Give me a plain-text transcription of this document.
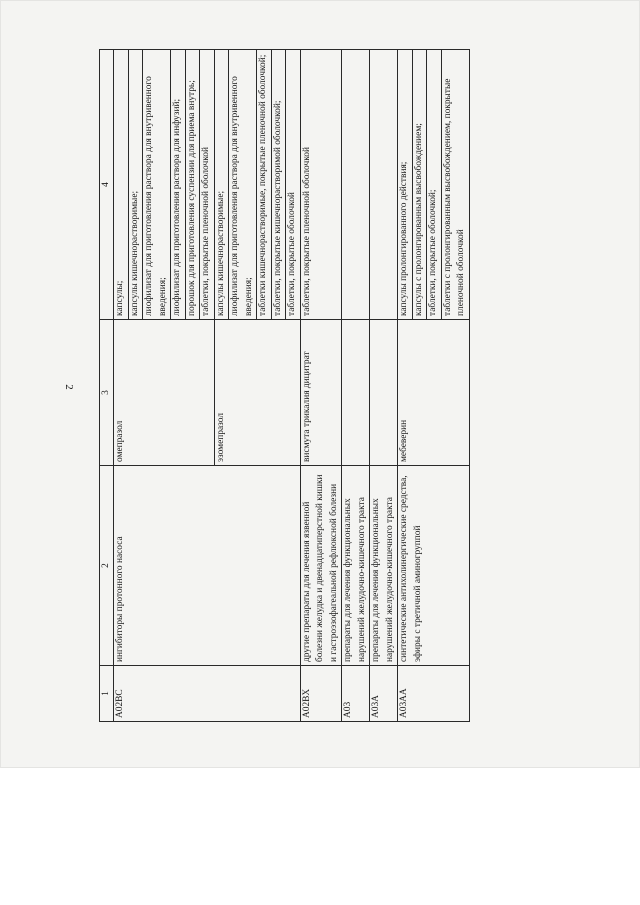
2
1	2	3	4
A02BC	ингибиторы протонного насоса	омепразол	капсулы;
			капсулы кишечнорастворимые;
			лиофилизат для приготовления раствора для внутривенного введения;
			лиофилизат для приготовления раствора для инфузий;
			порошок для приготовления суспензии для приема внутрь;
			таблетки, покрытые пленочной оболочкой
		эзомепразол	капсулы кишечнорастворимые;
			лиофилизат для приготовления раствора для внутривенного введения;
			таблетки кишечнорастворимые, покрытые пленочной оболочкой;
			таблетки, покрытые кишечнорастворимой оболочкой;
			таблетки, покрытые оболочкой
A02BX	другие препараты для лечения язвенной болезни желудка и двенадцатиперстной кишки и гастроэзофагеальной рефлюксной болезни	висмута трикалия дицитрат	таблетки, покрытые пленочной оболочкой
A03	препараты для лечения функциональных нарушений желудочно-кишечного тракта		
A03A	препараты для лечения функциональных нарушений желудочно-кишечного тракта		
A03AA	синтетические антихолинергические средства, эфиры с третичной аминогруппой	мебеверин	капсулы пролонгированного действия;
			капсулы с пролонгированным высвобождением;
			таблетки, покрытые оболочкой;
			таблетки с пролонгированным высвобождением, покрытые пленочной оболочкой
